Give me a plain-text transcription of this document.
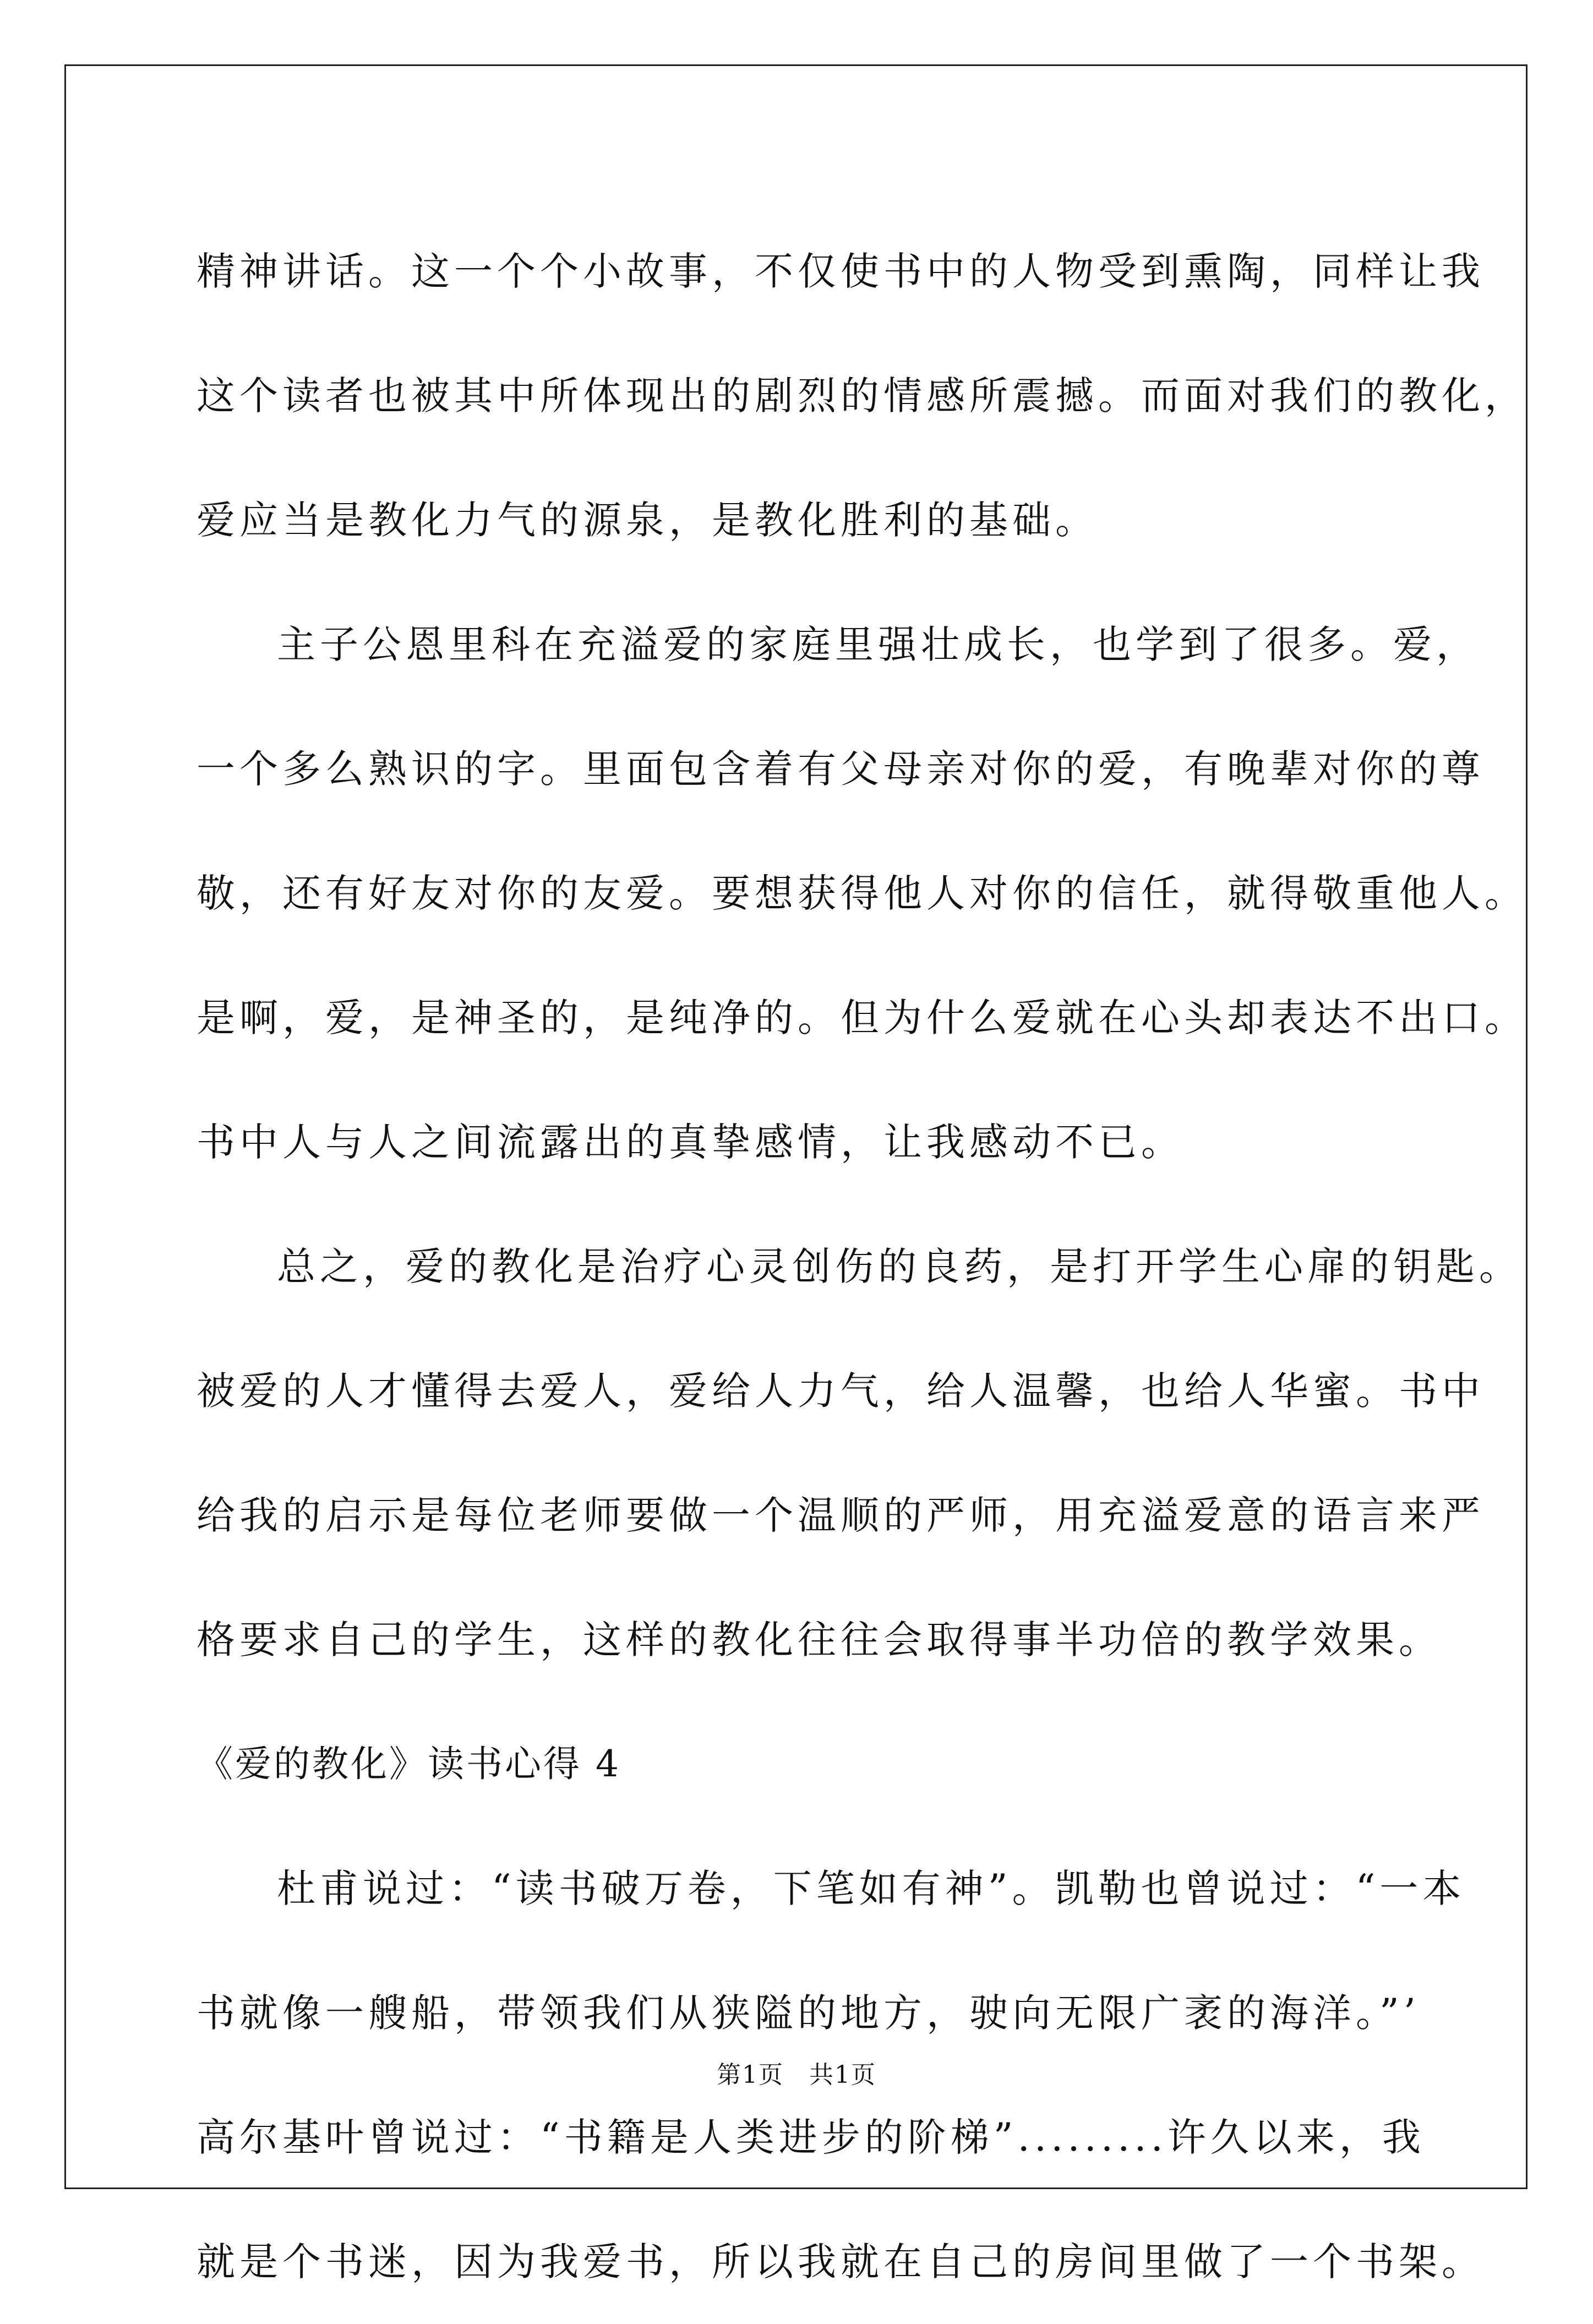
精神讲话。这一个个小故事，不仅使书中的人物受到熏陶，同样让我
这个读者也被其中所体现出的剧烈的情感所震撼。而面对我们的教化，
爱应当是教化力气的源泉，是教化胜利的基础。
主子公恩里科在充溢爱的家庭里强壮成长，也学到了很多。爱，
一个多么熟识的字。里面包含着有父母亲对你的爱，有晚辈对你的尊
敬，还有好友对你的友爱。要想获得他人对你的信任，就得敬重他人。
是啊，爱，是神圣的，是纯净的。但为什么爱就在心头却表达不出口。
书中人与人之间流露出的真挚感情，让我感动不已。
总之，爱的教化是治疗心灵创伤的良药，是打开学生心扉的钥匙。
被爱的人才懂得去爱人，爱给人力气，给人温馨，也给人华蜜。书中
给我的启示是每位老师要做一个温顺的严师，用充溢爱意的语言来严
格要求自己的学生，这样的教化往往会取得事半功倍的教学效果。
《爱的教化》读书心得 4
杜甫说过：“读书破万卷，下笔如有神”。凯勒也曾说过：“一本
书就像一艘船，带领我们从狭隘的地方，驶向无限广袤的海洋。”’
高尔基叶曾说过：“书籍是人类进步的阶梯”.........许久以来，我
就是个书迷，因为我爱书，所以我就在自己的房间里做了一个书架。
第1页　共1页
